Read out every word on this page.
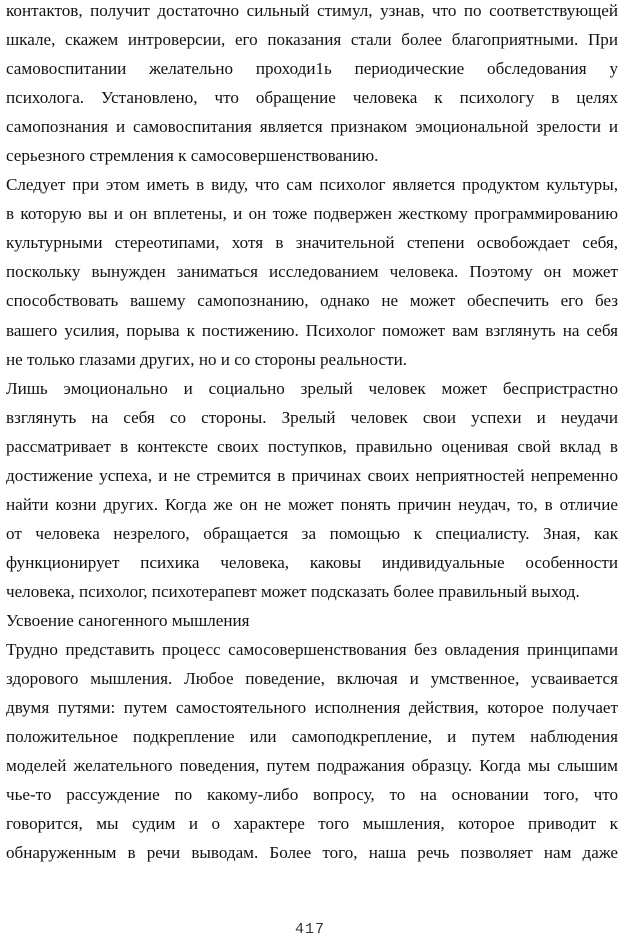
контактов, получит достаточно сильный стимул, узнав, что по соответствующей
шкале, скажем интроверсии, его показания стали более благоприятными. При
самовоспитании желательно проходи1ь периодические обследования у
психолога. Установлено, что обращение человека к психологу в целях
самопознания и самовоспитания является признаком эмоциональной зрелости и
серьезного стремления к самосовершенствованию.
Следует при этом иметь в виду, что сам психолог является продуктом культуры,
в которую вы и он вплетены, и он тоже подвержен жесткому программированию
культурными стереотипами, хотя в значительной степени освобождает себя,
поскольку вынужден заниматься исследованием человека. Поэтому он может
способствовать вашему самопознанию, однако не может обеспечить его без
вашего усилия, порыва к постижению. Психолог поможет вам взглянуть на себя
не только глазами других, но и со стороны реальности.
Лишь эмоционально и социально зрелый человек может беспристрастно
взглянуть на себя со стороны. Зрелый человек свои успехи и неудачи
рассматривает в контексте своих поступков, правильно оценивая свой вклад в
достижение успеха, и не стремится в причинах своих неприятностей непременно
найти козни других. Когда же он не может понять причин неудач, то, в отличие
от человека незрелого, обращается за помощью к специалисту. Зная, как
функционирует психика человека, каковы индивидуальные особенности
человека, психолог, психотерапевт может подсказать более правильный выход.
Усвоение саногенного мышления
Трудно представить процесс самосовершенствования без овладения принципами
здорового мышления. Любое поведение, включая и умственное, усваивается
двумя путями: путем самостоятельного исполнения действия, которое получает
положительное подкрепление или самоподкрепление, и путем наблюдения
моделей желательного поведения, путем подражания образцу. Когда мы слышим
чье-то рассуждение по какому-либо вопросу, то на основании того, что
говорится, мы судим и о характере того мышления, которое приводит к
обнаруженным в речи выводам. Более того, наша речь позволяет нам даже
417
